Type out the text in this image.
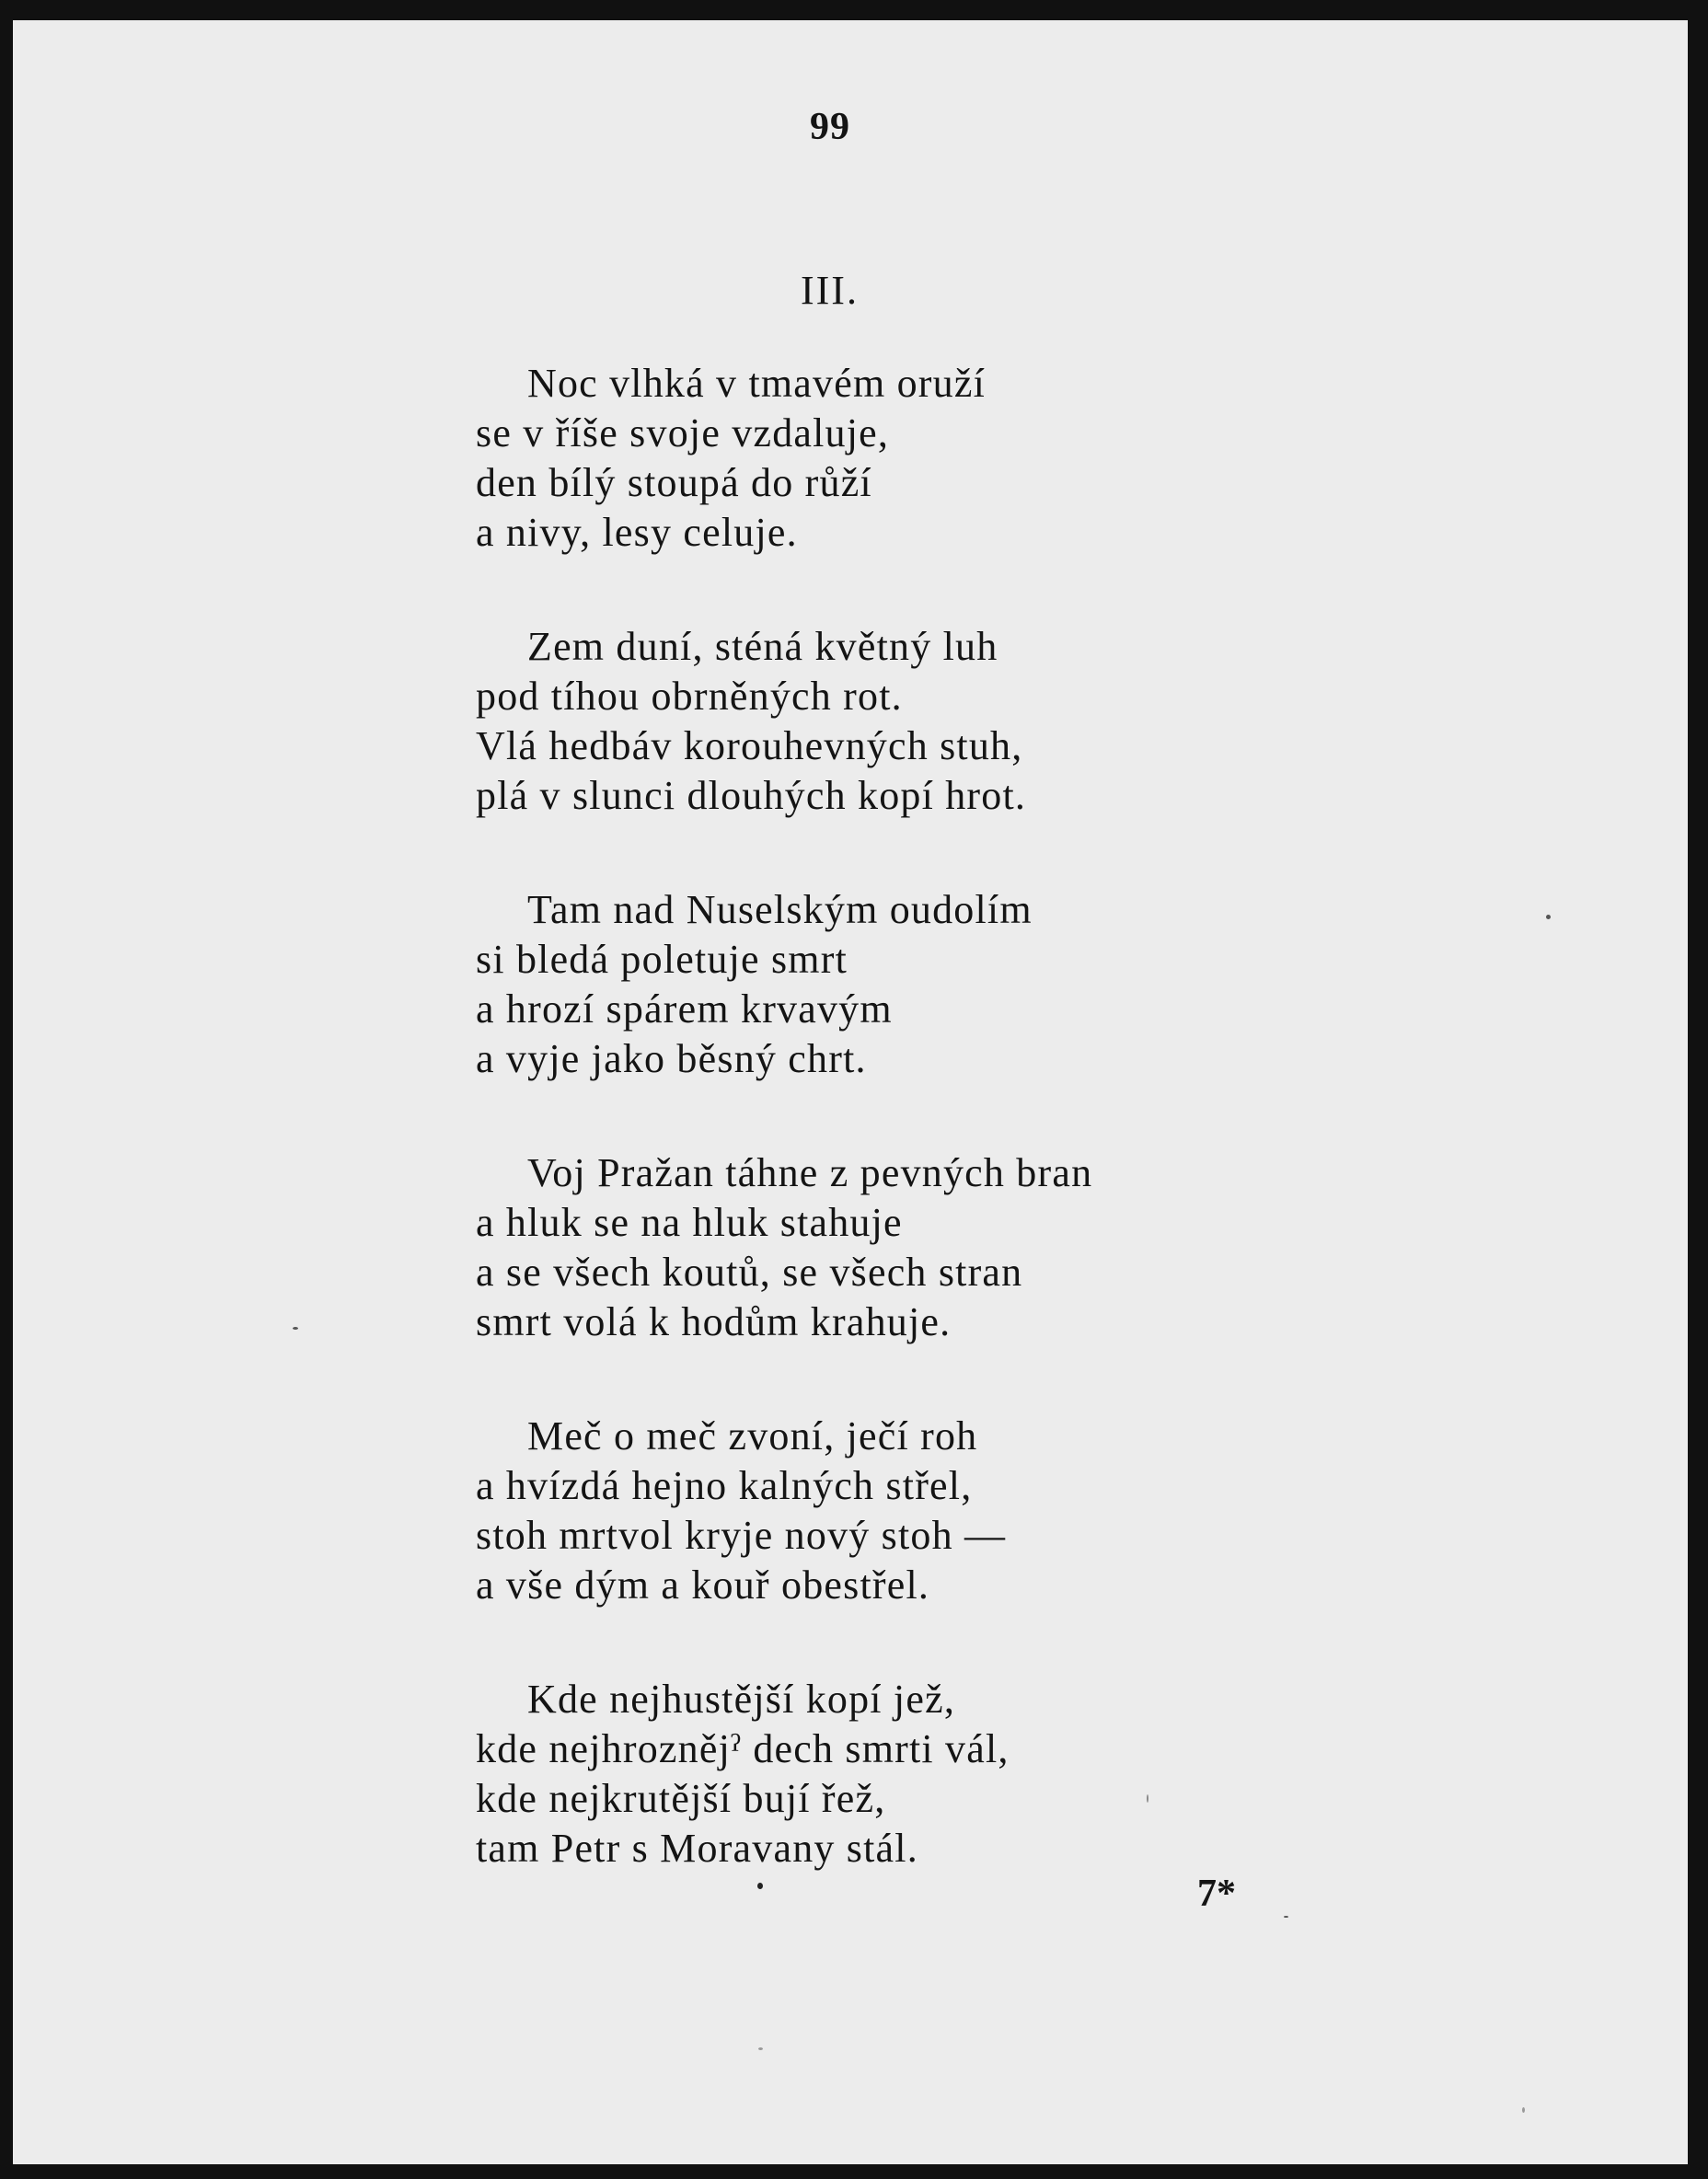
99
III.
Noc vlhká v tmavém oruží
se v říše svoje vzdaluje,
den bílý stoupá do růží
a nivy, lesy celuje.
Zem duní, sténá květný luh
pod tíhou obrněných rot.
Vlá hedbáv korouhevných stuh,
plá v slunci dlouhých kopí hrot.
Tam nad Nuselským oudolím
si bledá poletuje smrt
a hrozí spárem krvavým
a vyje jako běsný chrt.
Voj Pražan táhne z pevných bran
a hluk se na hluk stahuje
a se všech koutů, se všech stran
smrt volá k hodům krahuje.
Meč o meč zvoní, ječí roh
a hvízdá hejno kalných střel,
stoh mrtvol kryje nový stoh —
a vše dým a kouř obestřel.
Kde nejhustější kopí jež,
kde nejhroznějˀ dech smrti vál,
kde nejkrutější bují řež,
tam Petr s Moravany stál.
7*
